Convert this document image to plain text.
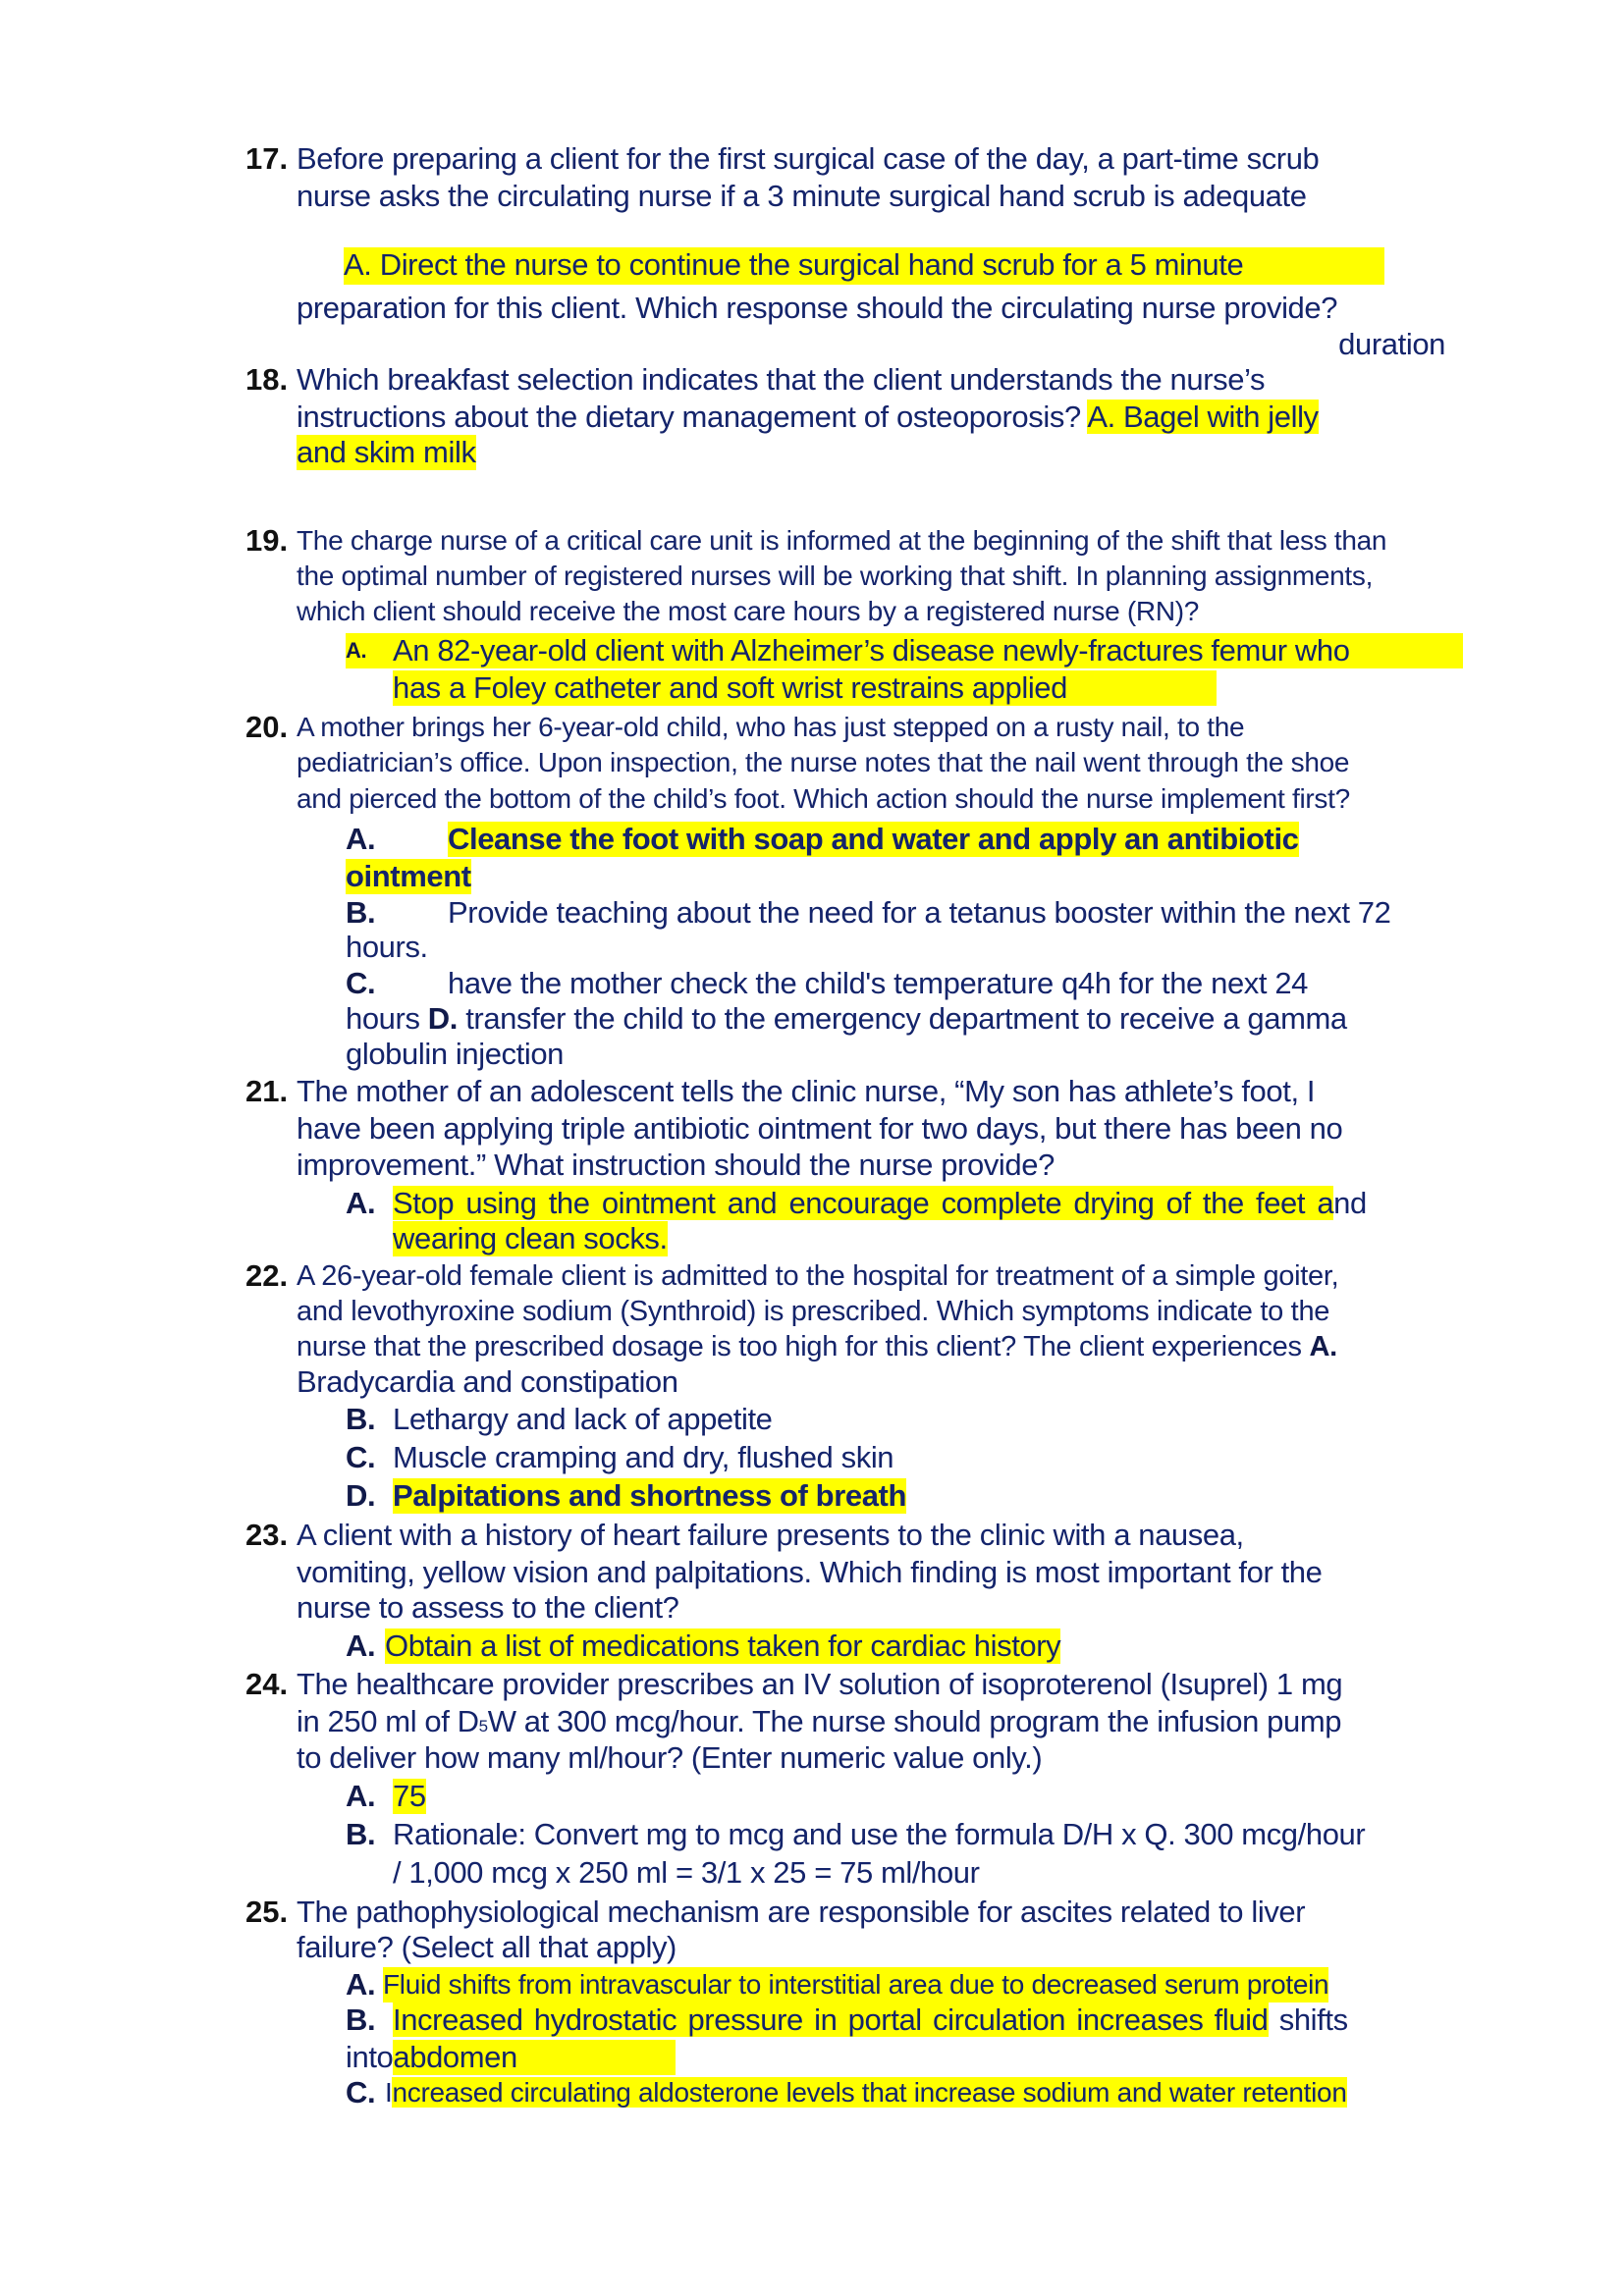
17. Before preparing a client for the first surgical case of the day, a part-time scrub
nurse asks the circulating nurse if a 3 minute surgical hand scrub is adequate
A. Direct the nurse to continue the surgical hand scrub for a 5 minute
preparation for this client. Which response should the circulating nurse provide?
duration
18. Which breakfast selection indicates that the client understands the nurse’s
instructions about the dietary management of osteoporosis? A. Bagel with jelly
and skim milk
19. The charge nurse of a critical care unit is informed at the beginning of the shift that less than
the optimal number of registered nurses will be working that shift. In planning assignments,
which client should receive the most care hours by a registered nurse (RN)?
A. An 82-year-old client with Alzheimer’s disease newly-fractures femur who
has a Foley catheter and soft wrist restrains applied
20. A mother brings her 6-year-old child, who has just stepped on a rusty nail, to the
pediatrician’s office. Upon inspection, the nurse notes that the nail went through the shoe
and pierced the bottom of the child’s foot. Which action should the nurse implement first?
A. Cleanse the foot with soap and water and apply an antibiotic
ointment
B. Provide teaching about the need for a tetanus booster within the next 72
hours.
C. have the mother check the child's temperature q4h for the next 24
hours D. transfer the child to the emergency department to receive a gamma
globulin injection
21. The mother of an adolescent tells the clinic nurse, “My son has athlete’s foot, I
have been applying triple antibiotic ointment for two days, but there has been no
improvement.” What instruction should the nurse provide?
A. Stop using the ointment and encourage complete drying of the feet and
wearing clean socks.
22. A 26-year-old female client is admitted to the hospital for treatment of a simple goiter,
and levothyroxine sodium (Synthroid) is prescribed. Which symptoms indicate to the
nurse that the prescribed dosage is too high for this client? The client experiences A.
Bradycardia and constipation
B. Lethargy and lack of appetite
C. Muscle cramping and dry, flushed skin
D. Palpitations and shortness of breath
23. A client with a history of heart failure presents to the clinic with a nausea,
vomiting, yellow vision and palpitations. Which finding is most important for the
nurse to assess to the client?
A. Obtain a list of medications taken for cardiac history
24. The healthcare provider prescribes an IV solution of isoproterenol (Isuprel) 1 mg
in 250 ml of D5W at 300 mcg/hour. The nurse should program the infusion pump
to deliver how many ml/hour? (Enter numeric value only.)
A. 75
B. Rationale: Convert mg to mcg and use the formula D/H x Q. 300 mcg/hour
/ 1,000 mcg x 250 ml = 3/1 x 25 = 75 ml/hour
25. The pathophysiological mechanism are responsible for ascites related to liver
failure? (Select all that apply)
A. Fluid shifts from intravascular to interstitial area due to decreased serum protein
B. Increased hydrostatic pressure in portal circulation increases fluid shifts
intoabdomen
C. Increased circulating aldosterone levels that increase sodium and water retention
